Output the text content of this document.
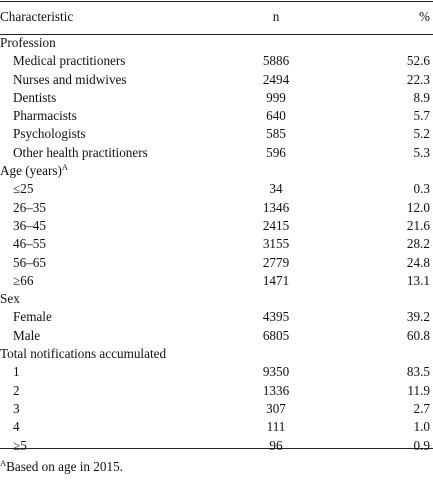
Characteristic	n	%
Profession		
Medical practitioners	5886	52.6
Nurses and midwives	2494	22.3
Dentists	999	8.9
Pharmacists	640	5.7
Psychologists	585	5.2
Other health practitioners	596	5.3
Age (years)$^A$
≤25	34	0.3
26–35	1346	12.0
36–45	2415	21.6
46–55	3155	28.2
56–65	2779	24.8
≥66	1471	13.1
Sex		
Female	4395	39.2
Male	6805	60.8
Total notifications accumulated		
1	9350	83.5
2	1336	11.9
3	307	2.7
4	111	1.0
≥5	96	0.9
$^A$Based on age in 2015.
